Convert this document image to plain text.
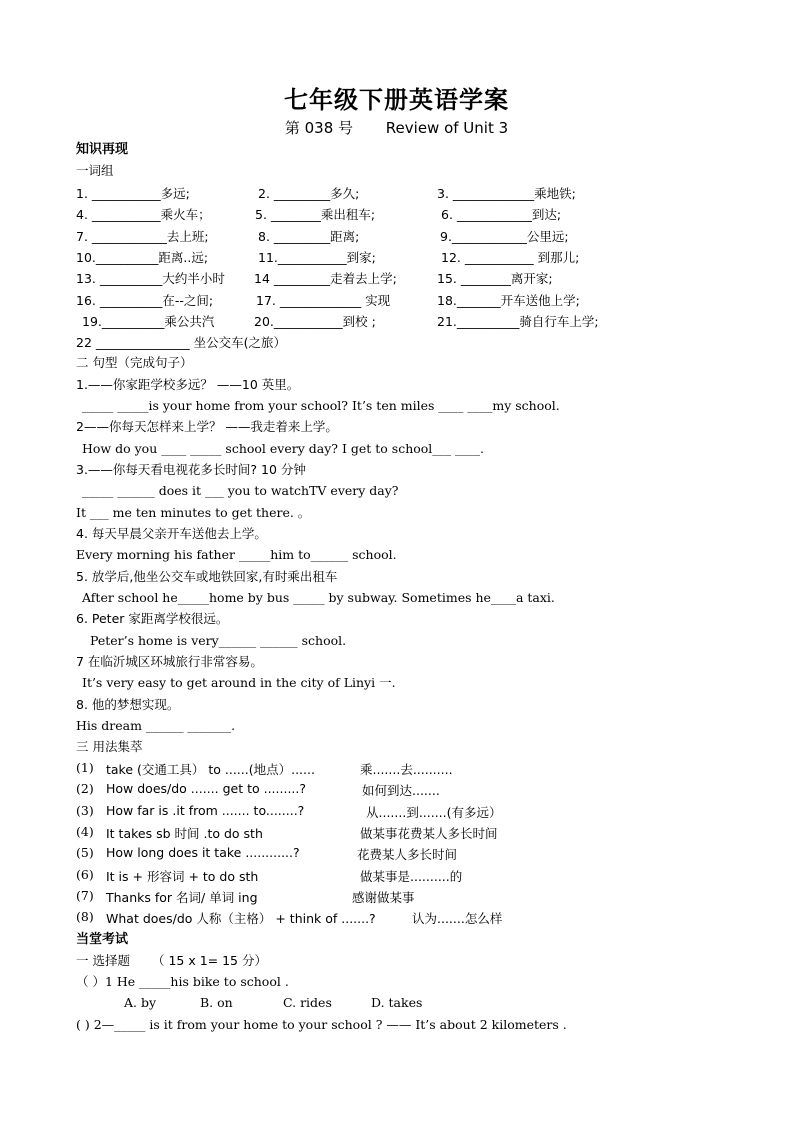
七年级下册英语学案
第 038 号 Review of Unit 3
知识再现
一词组
1. ___________多远;	2. _________多久;	3. _____________乘地铁;
4. ___________乘火车；	5. ________乘出租车;	6. ____________到达;
7. ____________去上班;	8. _________距离;	9.____________公里远;
10.__________距离..远;	11.___________到家;	12. ___________ 到那儿;
13. __________大约半小时 14 _________走着去上学;	15. ________离开家;
16. __________在--之间;	17. _____________ 实现	18._______开车送他上学;
19.__________乘公共汽	20.___________到校 ;	21.__________骑自行车上学;
22 _______________ 坐公交车(之旅）
二 句型（完成句子）
1.——你家距学校多远？ ——10 英里。
_____ _____is your home from your school? It’s ten miles ____ ____my school.
2——你每天怎样来上学？ ——我走着来上学。
How do you ____ _____ school every day? I get to school___ ____.
3.——你每天看电视花多长时间? 10 分钟
_____ ______ does it ___ you to watchTV every day?
It ___ me ten minutes to get there. 。
4. 每天早晨父亲开车送他去上学。
Every morning his father _____him to______ school.
5. 放学后,他坐公交车或地铁回家,有时乘出租车
After school he_____home by bus _____ by subway. Sometimes he____a taxi.
6. Peter 家距离学校很远。
Peter’s home is very______ ______ school.
7 在临沂城区环城旅行非常容易。
It’s very easy to get around in the city of Linyi 一.
8. 他的梦想实现。
His dream ______ _______.
三 用法集萃
(1) take (交通工具） to ......(地点）......	乘.......去..........
(2) How does/do ....... get to .........?	如何到达.......
(3) How far is .it from ....... to........?	从.......到.......(有多远）
(4) It takes sb 时间 .to do sth	做某事花费某人多长时间
(5) How long does it take ............?	花费某人多长时间
(6) It is + 形容词 + to do sth	做某事是..........的
(7) Thanks for 名词/ 单词 ing	感谢做某事
(8) What does/do 人称（主格） + think of .......?	认为.......怎么样
当堂考试
一 选择题 （ 15 x 1= 15 分）
（ ）1 He _____his bike to school .
A. by	B. on	C. rides	D. takes
( ) 2—_____ is it from your home to your school ? —— It’s about 2 kilometers .
